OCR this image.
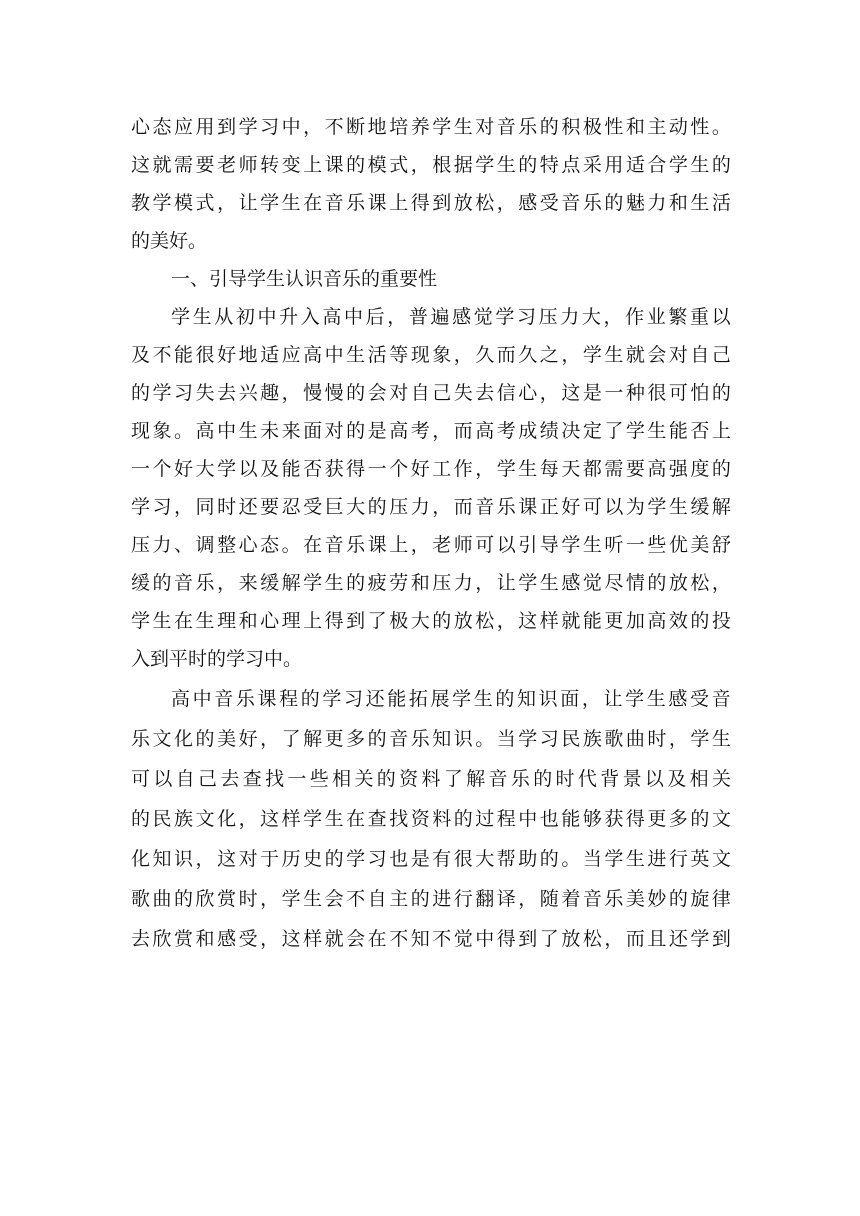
心 态 应 用 到 学 习 中 ， 不 断 地 培 养 学 生 对 音 乐 的 积 极 性 和 主 动 性 。
这 就 需 要 老 师 转 变 上 课 的 模 式 ， 根 据 学 生 的 特 点 采 用 适 合 学 生 的
教 学 模 式 ， 让 学 生 在 音 乐 课 上 得 到 放 松 ， 感 受 音 乐 的 魅 力 和 生 活
的美好。
一、引导学生认识音乐的重要性
学 生 从 初 中 升 入 高 中 后 ， 普 遍 感 觉 学 习 压 力 大 ， 作 业 繁 重 以
及 不 能 很 好 地 适 应 高 中 生 活 等 现 象 ， 久 而 久 之 ， 学 生 就 会 对 自 己
的 学 习 失 去 兴 趣 ， 慢 慢 的 会 对 自 己 失 去 信 心 ， 这 是 一 种 很 可 怕 的
现 象 。 高 中 生 未 来 面 对 的 是 高 考 ， 而 高 考 成 绩 决 定 了 学 生 能 否 上
一 个 好 大 学 以 及 能 否 获 得 一 个 好 工 作 ， 学 生 每 天 都 需 要 高 强 度 的
学 习 ， 同 时 还 要 忍 受 巨 大 的 压 力 ， 而 音 乐 课 正 好 可 以 为 学 生 缓 解
压 力 、 调 整 心 态 。 在 音 乐 课 上 ， 老 师 可 以 引 导 学 生 听 一 些 优 美 舒
缓 的 音 乐 ， 来 缓 解 学 生 的 疲 劳 和 压 力 ， 让 学 生 感 觉 尽 情 的 放 松 ，
学 生 在 生 理 和 心 理 上 得 到 了 极 大 的 放 松 ， 这 样 就 能 更 加 高 效 的 投
入到平时的学习中。
高 中 音 乐 课 程 的 学 习 还 能 拓 展 学 生 的 知 识 面 ， 让 学 生 感 受 音
乐 文 化 的 美 好 ， 了 解 更 多 的 音 乐 知 识 。 当 学 习 民 族 歌 曲 时 ， 学 生
可 以 自 己 去 查 找 一 些 相 关 的 资 料 了 解 音 乐 的 时 代 背 景 以 及 相 关
的 民 族 文 化 ， 这 样 学 生 在 查 找 资 料 的 过 程 中 也 能 够 获 得 更 多 的 文
化 知 识 ， 这 对 于 历 史 的 学 习 也 是 有 很 大 帮 助 的 。 当 学 生 进 行 英 文
歌 曲 的 欣 赏 时 ， 学 生 会 不 自 主 的 进 行 翻 译 ， 随 着 音 乐 美 妙 的 旋 律
去 欣 赏 和 感 受 ， 这 样 就 会 在 不 知 不 觉 中 得 到 了 放 松 ， 而 且 还 学 到
